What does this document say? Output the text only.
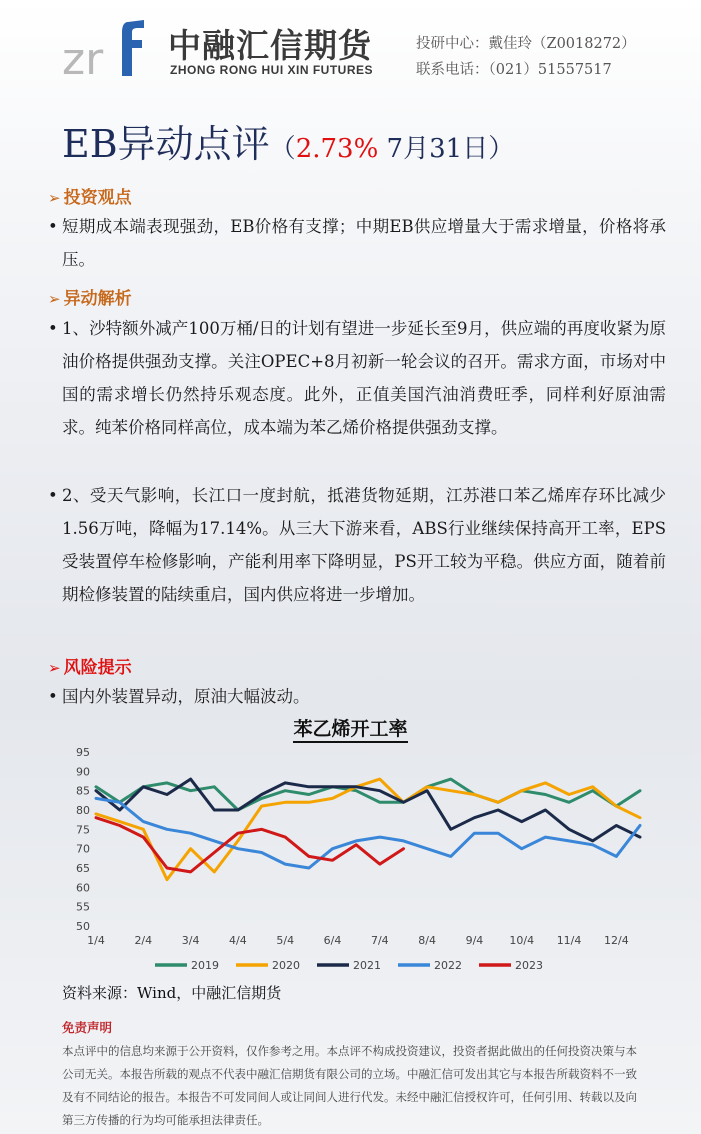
zr 中融汇信期货
ZHONG RONG HUI XIN FUTURES
投研中心：戴佳玲（Z0018272）
联系电话：（021）51557517
EB异动点评（2.73% 7月31日）
➢ 投资观点
• 短期成本端表现强劲，EB价格有支撑；中期EB供应增量大于需求增量，价格将承压。
➢ 异动解析
• 1、沙特额外减产100万桶/日的计划有望进一步延长至9月，供应端的再度收紧为原油价格提供强劲支撑。关注OPEC+8月初新一轮会议的召开。需求方面，市场对中国的需求增长仍然持乐观态度。此外，正值美国汽油消费旺季，同样利好原油需求。纯苯价格同样高位，成本端为苯乙烯价格提供强劲支撑。
• 2、受天气影响，长江口一度封航，抵港货物延期，江苏港口苯乙烯库存环比减少1.56万吨，降幅为17.14%。从三大下游来看，ABS行业继续保持高开工率，EPS受装置停车检修影响，产能利用率下降明显，PS开工较为平稳。供应方面，随着前期检修装置的陆续重启，国内供应将进一步增加。
➢ 风险提示
• 国内外装置异动，原油大幅波动。
苯乙烯开工率
50
55
60
65
70
75
80
85
90
95
1/4	2/4	3/4	4/4	5/4	6/4	7/4	8/4	9/4 10/4 11/4 12/4
2019	2020	2021	2022	2023
资料来源：Wind，中融汇信期货
免责声明
本点评中的信息均来源于公开资料，仅作参考之用。本点评不构成投资建议，投资者据此做出的任何投资决策与本公司无关。本报告所载的观点不代表中融汇信期货有限公司的立场。中融汇信可发出其它与本报告所载资料不一致及有不同结论的报告。本报告不可发同间人或让同间人进行代发。未经中融汇信授权许可，任何引用、转载以及向第三方传播的行为均可能承担法律责任。
